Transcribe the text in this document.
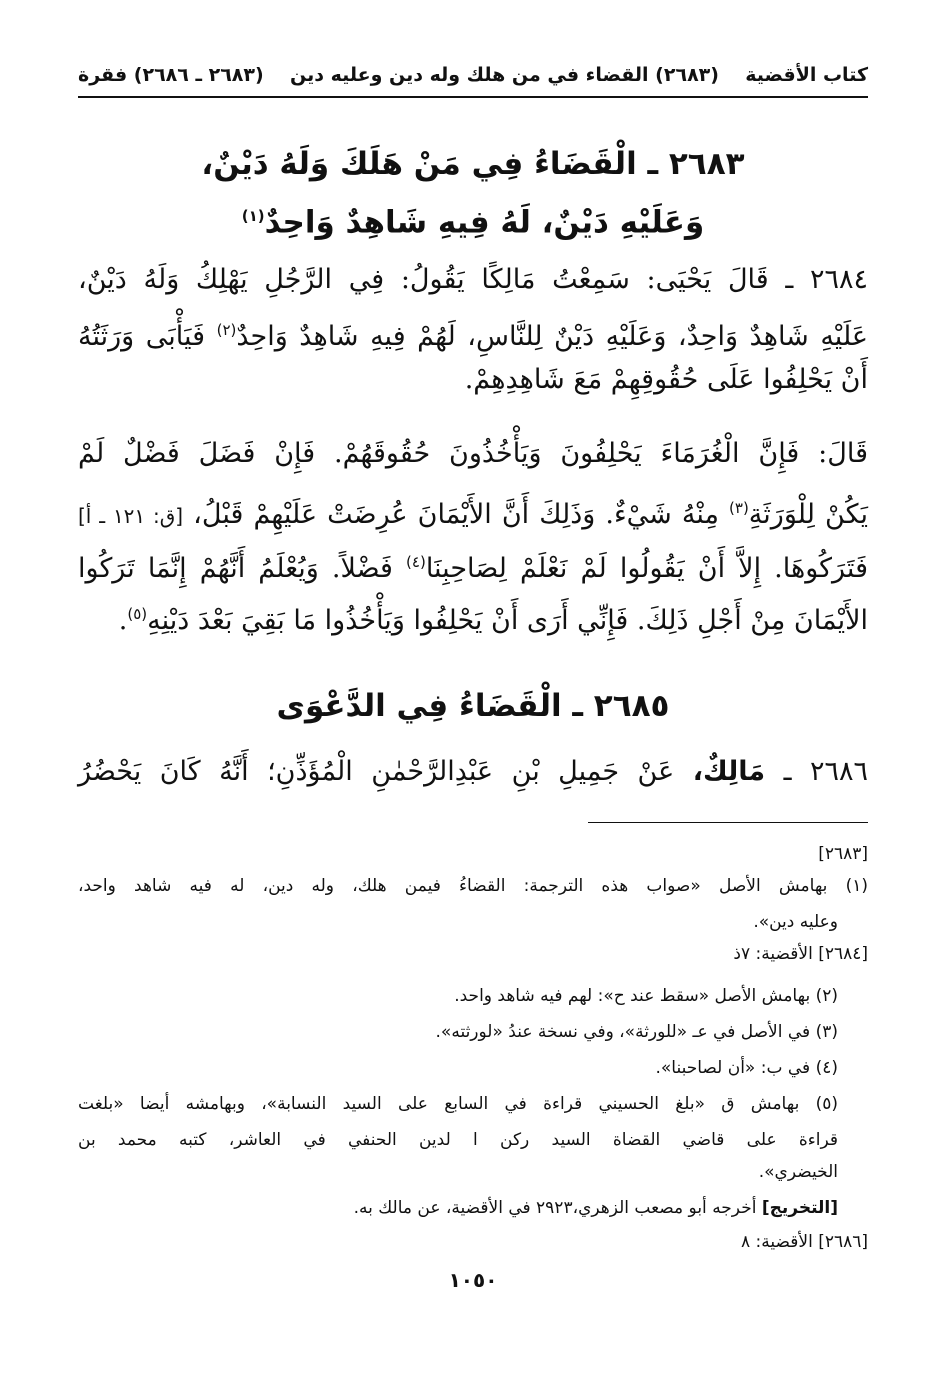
كتاب الأقضية
(٢٦٨٣) القضاء في من هلك وله دين وعليه دين
(٢٦٨٣ ـ ٢٦٨٦) فقرة
٢٦٨٣ ـ الْقَضَاءُ فِي مَنْ هَلَكَ وَلَهُ دَيْنٌ،
وَعَلَيْهِ دَيْنٌ، لَهُ فِيهِ شَاهِدٌ وَاحِدٌ$^{(١)}$
٢٦٨٤ ـ قَالَ يَحْيَى: سَمِعْتُ مَالِكًا يَقُولُ: فِي الرَّجُلِ يَهْلِكُ وَلَهُ دَيْنٌ،
عَلَيْهِ شَاهِدٌ وَاحِدٌ، وَعَلَيْهِ دَيْنٌ لِلنَّاسِ، لَهُمْ فِيهِ شَاهِدٌ وَاحِدٌ$^{(٢)}$ فَيَأْبَى وَرَثَتُهُ
أَنْ يَحْلِفُوا عَلَى حُقُوقِهِمْ مَعَ شَاهِدِهِمْ.
قَالَ: فَإِنَّ الْغُرَمَاءَ يَحْلِفُونَ وَيَأْخُذُونَ حُقُوقَهُمْ. فَإِنْ فَضَلَ فَضْلٌ لَمْ
يَكُنْ لِلْوَرَثَةِ$^{(٣)}$ مِنْهُ شَيْءٌ. وَذَلِكَ أَنَّ الأَيْمَانَ عُرِضَتْ عَلَيْهِمْ قَبْلُ، [ق: ١٢١ ـ أ]
فَتَرَكُوهَا. إِلاَّ أَنْ يَقُولُوا لَمْ نَعْلَمْ لِصَاحِبِنَا$^{(٤)}$ فَضْلاً. وَيُعْلَمُ أَنَّهُمْ إِنَّمَا تَرَكُوا
الأَيْمَانَ مِنْ أَجْلِ ذَلِكَ. فَإِنِّي أَرَى أَنْ يَحْلِفُوا وَيَأْخُذُوا مَا بَقِيَ بَعْدَ دَيْنِهِ$^{(٥)}$.
٢٦٨٥ ـ الْقَضَاءُ فِي الدَّعْوَى
٢٦٨٦ ـ مَالِكٌ، عَنْ جَمِيلِ بْنِ عَبْدِالرَّحْمٰنِ الْمُؤَذِّنِ؛ أَنَّهُ كَانَ يَحْضُرُ
[٢٦٨٣]
(١) بهامش الأصل «صواب هذه الترجمة: القضاءُ فيمن هلك، وله دين، له فيه شاهد واحد،
وعليه دين».
[٢٦٨٤] الأقضية: ٧ذ
(٢) بهامش الأصل «سقط عند ح»: لهم فيه شاهد واحد.
(٣) في الأصل في عـ «للورثة»، وفي نسخة عندُ «لورثته».
(٤) في ب: «أن لصاحبنا».
(٥) بهامش ق «بلغ الحسيني قراءة في السابع على السيد النسابة»، وبهامشه أيضا «بلغت
قراءة على قاضي القضاة السيد ركن ا لدين الحنفي في العاشر، كتبه محمد بن
الخيضري».
[التخريج] أخرجه أبو مصعب الزهري،٢٩٢٣ في الأقضية، عن مالك به.
[٢٦٨٦] الأقضية: ٨
١٠٥٠
